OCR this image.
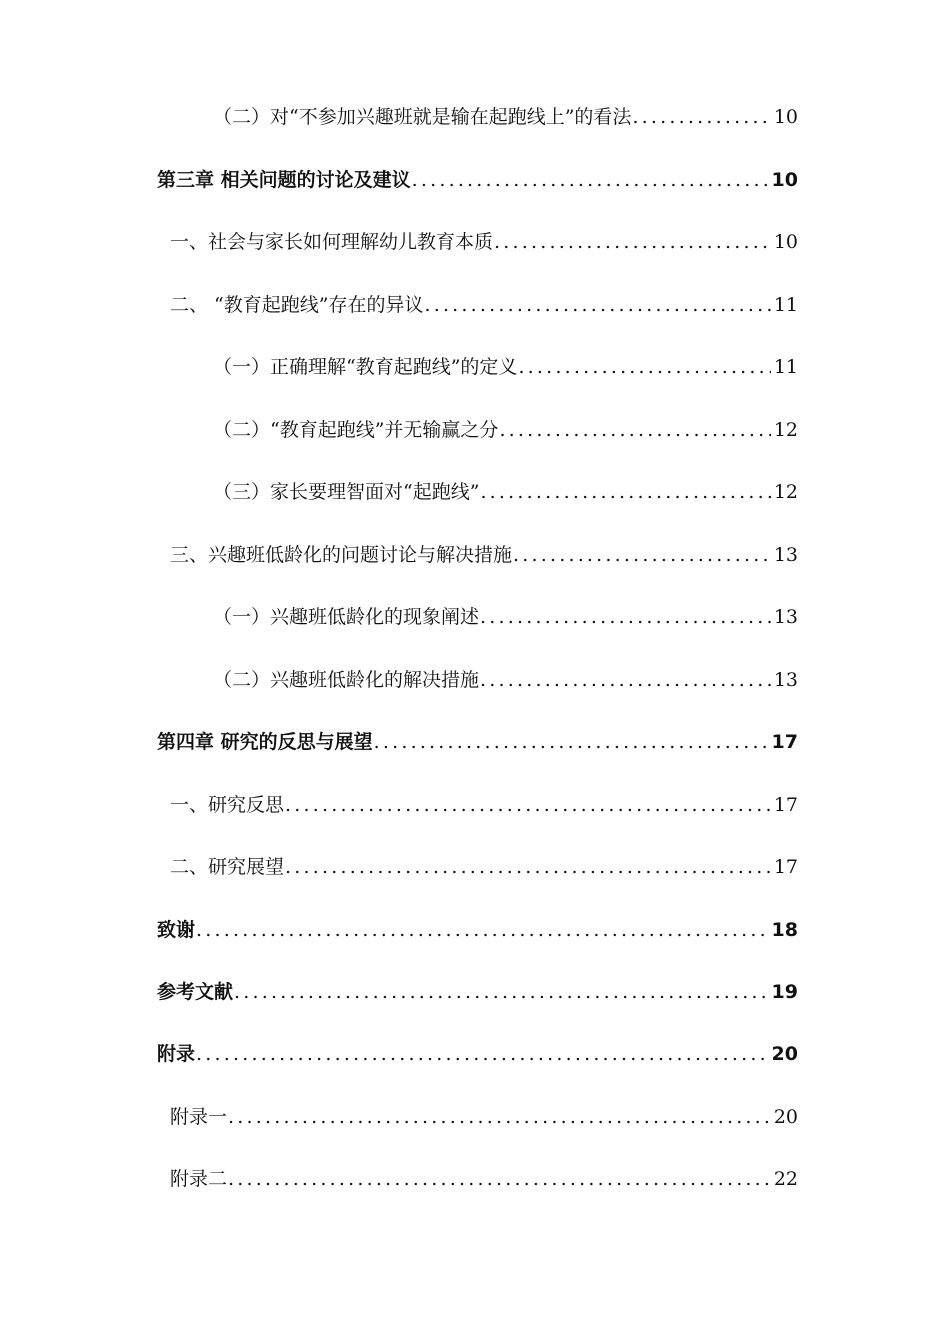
（二）对“不参加兴趣班就是输在起跑线上”的看法 .....	10
第三章 相关问题的讨论及建议 .....	10
一、社会与家长如何理解幼儿教育本质 .....	10
二、 “教育起跑线”存在的异议 .....	11
（一）正确理解“教育起跑线”的定义 .....	11
（二）“教育起跑线”并无输赢之分 .....	12
（三）家长要理智面对“起跑线” .....	12
三、兴趣班低龄化的问题讨论与解决措施 .....	13
（一）兴趣班低龄化的现象阐述 .....	13
（二）兴趣班低龄化的解决措施 .....	13
第四章 研究的反思与展望 .....	17
一、研究反思 .....	17
二、研究展望 .....	17
致谢 .....	18
参考文献 .....	19
附录 .....	20
附录一 .....	20
附录二 .....	22
